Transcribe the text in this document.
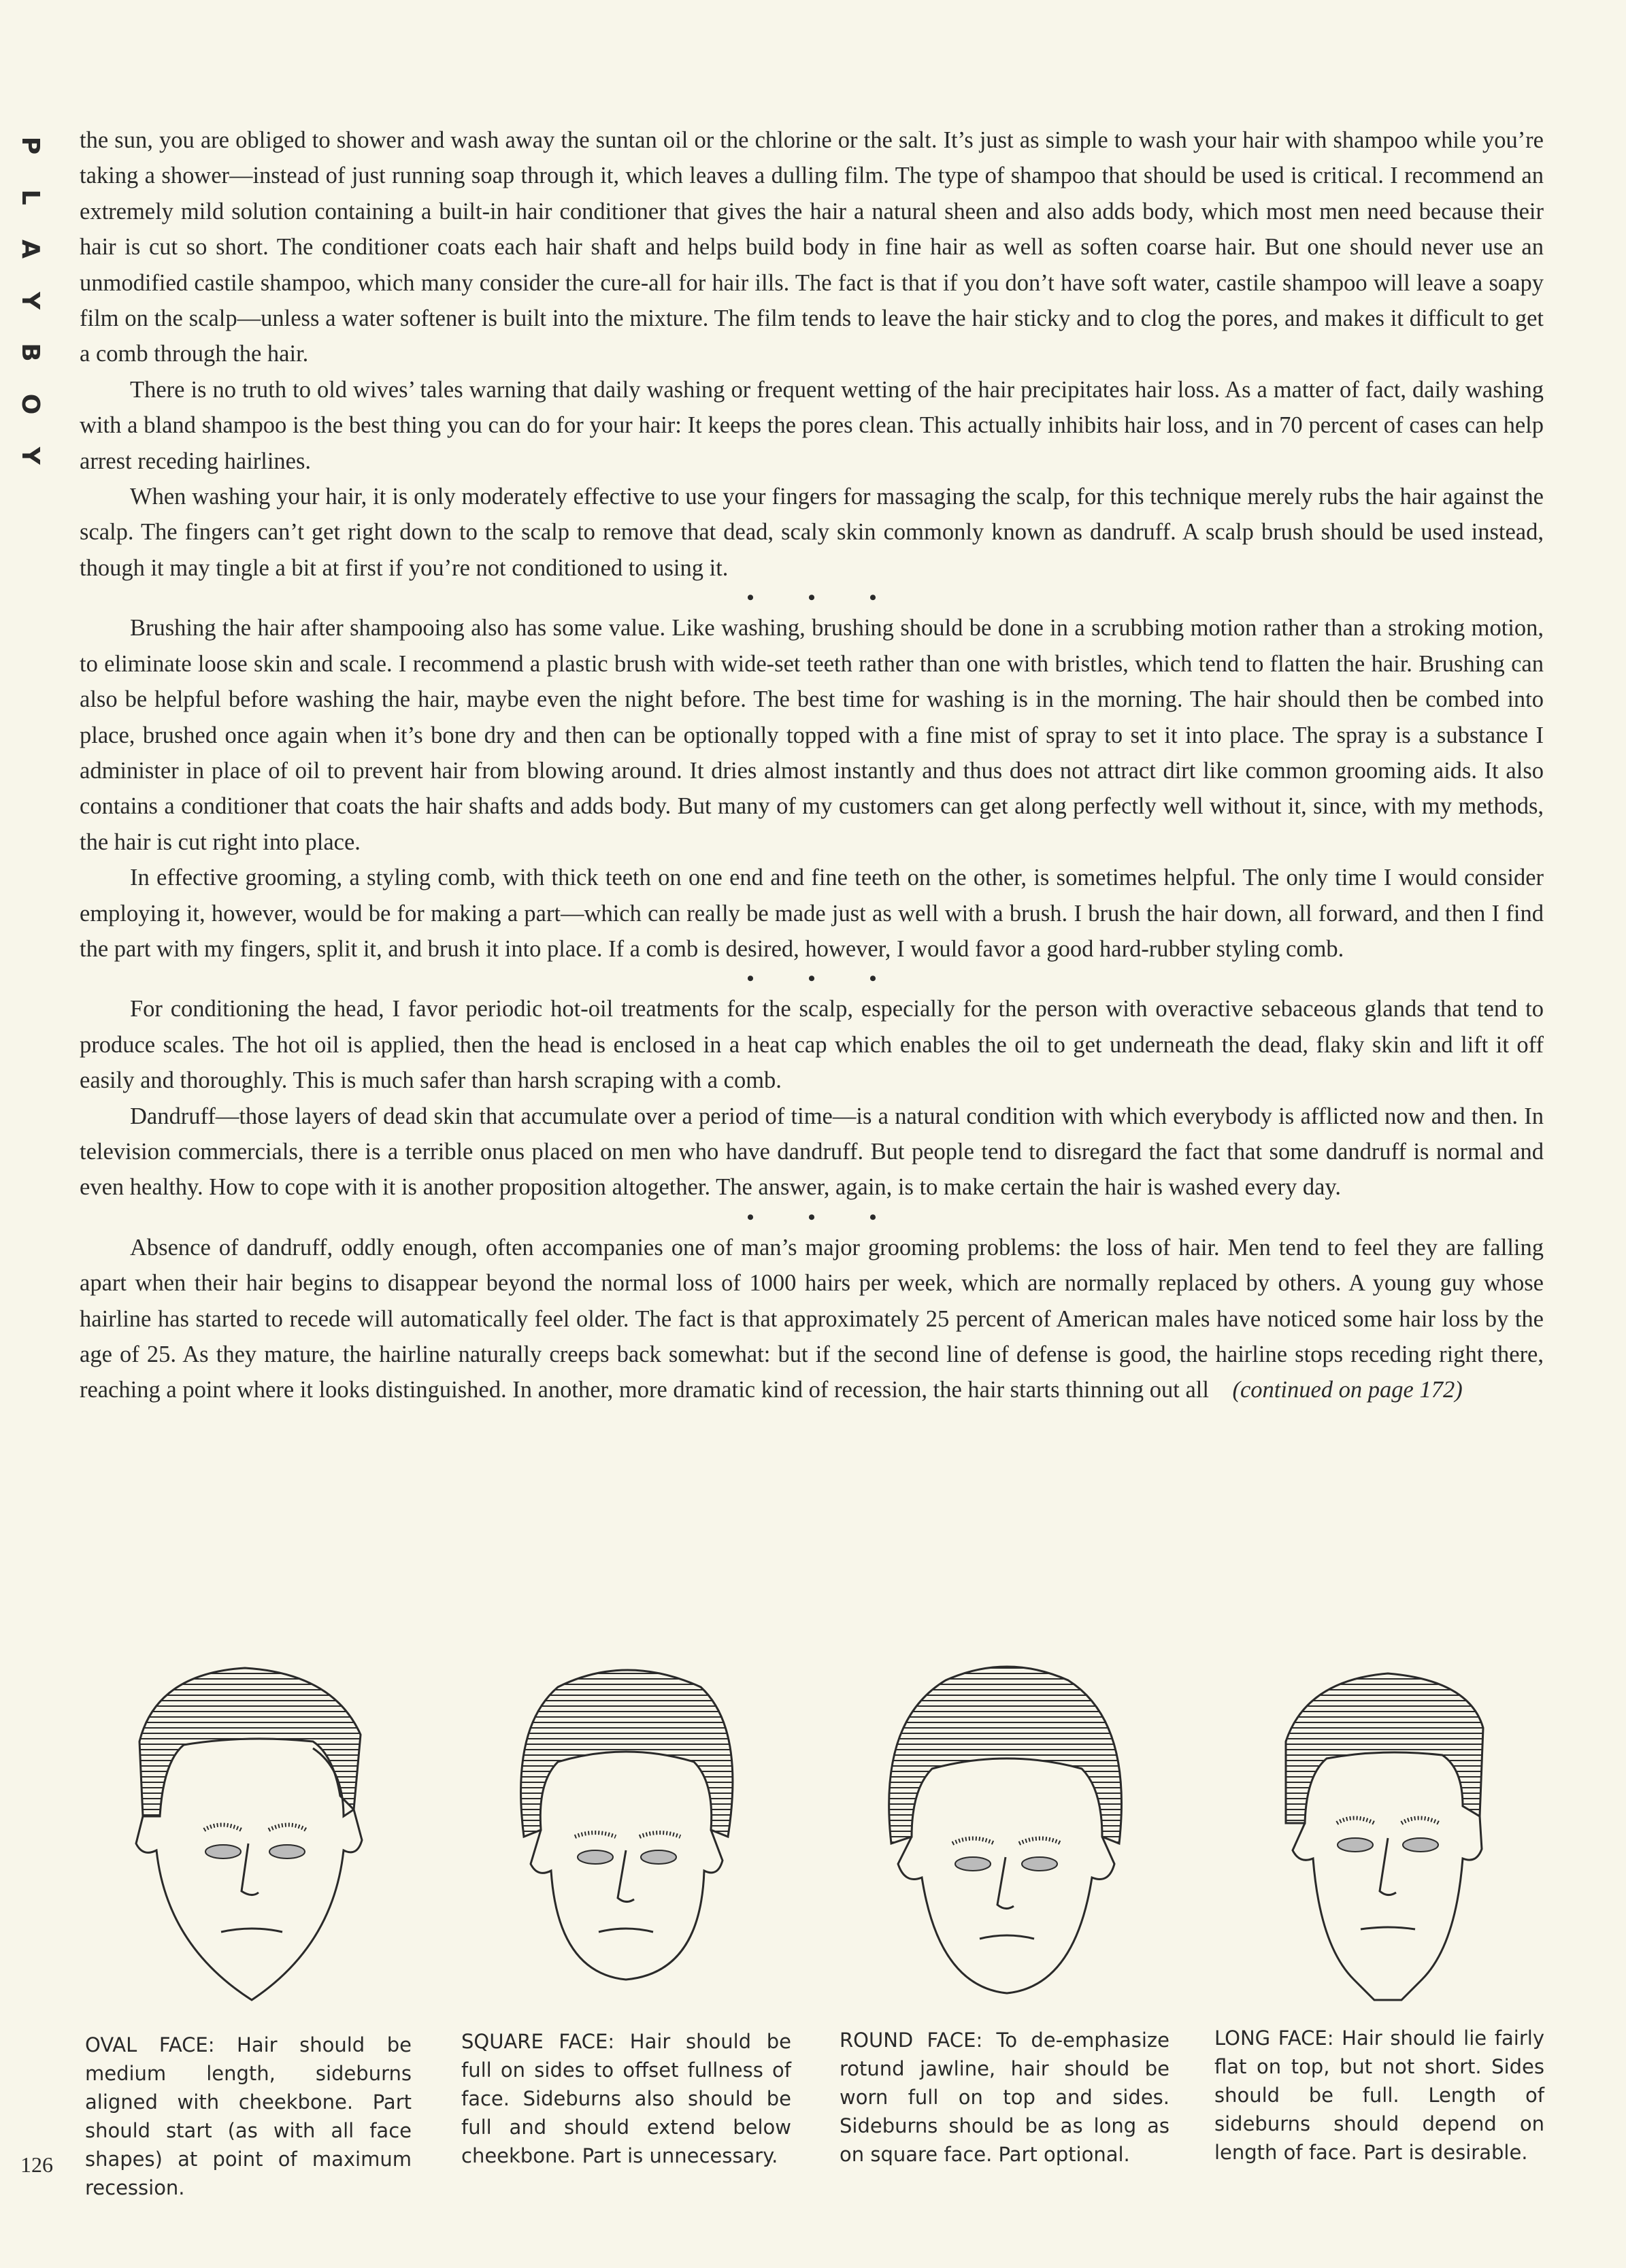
P
L
A
Y
B
O
Y

the sun, you are obliged to shower and wash away the suntan oil or the chlorine or the salt. It’s just as simple to wash your hair with shampoo while you’re taking a shower—instead of just running soap through it, which leaves a dulling film. The type of shampoo that should be used is critical. I recommend an extremely mild solution containing a built-in hair conditioner that gives the hair a natural sheen and also adds body, which most men need because their hair is cut so short. The conditioner coats each hair shaft and helps build body in fine hair as well as soften coarse hair. But one should never use an unmodified castile shampoo, which many consider the cure-all for hair ills. The fact is that if you don’t have soft water, castile shampoo will leave a soapy film on the scalp—unless a water softener is built into the mixture. The film tends to leave the hair sticky and to clog the pores, and makes it difficult to get a comb through the hair.

There is no truth to old wives’ tales warning that daily washing or frequent wetting of the hair precipitates hair loss. As a matter of fact, daily washing with a bland shampoo is the best thing you can do for your hair: It keeps the pores clean. This actually inhibits hair loss, and in 70 percent of cases can help arrest receding hairlines.

When washing your hair, it is only moderately effective to use your fingers for massaging the scalp, for this technique merely rubs the hair against the scalp. The fingers can’t get right down to the scalp to remove that dead, scaly skin commonly known as dandruff. A scalp brush should be used instead, though it may tingle a bit at first if you’re not conditioned to using it.

• • •

Brushing the hair after shampooing also has some value. Like washing, brushing should be done in a scrubbing motion rather than a stroking motion, to eliminate loose skin and scale. I recommend a plastic brush with wide-set teeth rather than one with bristles, which tend to flatten the hair. Brushing can also be helpful before washing the hair, maybe even the night before. The best time for washing is in the morning. The hair should then be combed into place, brushed once again when it’s bone dry and then can be optionally topped with a fine mist of spray to set it into place. The spray is a substance I administer in place of oil to prevent hair from blowing around. It dries almost instantly and thus does not attract dirt like common grooming aids. It also contains a conditioner that coats the hair shafts and adds body. But many of my customers can get along perfectly well without it, since, with my methods, the hair is cut right into place.

In effective grooming, a styling comb, with thick teeth on one end and fine teeth on the other, is sometimes helpful. The only time I would consider employing it, however, would be for making a part—which can really be made just as well with a brush. I brush the hair down, all forward, and then I find the part with my fingers, split it, and brush it into place. If a comb is desired, however, I would favor a good hard-rubber styling comb.

• • •

For conditioning the head, I favor periodic hot-oil treatments for the scalp, especially for the person with overactive sebaceous glands that tend to produce scales. The hot oil is applied, then the head is enclosed in a heat cap which enables the oil to get underneath the dead, flaky skin and lift it off easily and thoroughly. This is much safer than harsh scraping with a comb.

Dandruff—those layers of dead skin that accumulate over a period of time—is a natural condition with which everybody is afflicted now and then. In television commercials, there is a terrible onus placed on men who have dandruff. But people tend to disregard the fact that some dandruff is normal and even healthy. How to cope with it is another proposition altogether. The answer, again, is to make certain the hair is washed every day.

• • •

Absence of dandruff, oddly enough, often accompanies one of man’s major grooming problems: the loss of hair. Men tend to feel they are falling apart when their hair begins to disappear beyond the normal loss of 1000 hairs per week, which are normally replaced by others. A young guy whose hairline has started to recede will automatically feel older. The fact is that approximately 25 percent of American males have noticed some hair loss by the age of 25. As they mature, the hairline naturally creeps back somewhat: but if the second line of defense is good, the hairline stops receding right there, reaching a point where it looks distinguished. In another, more dramatic kind of recession, the hair starts thinning out all (continued on page 172)

OVAL FACE: Hair should be medium length, sideburns aligned with cheekbone. Part should start (as with all face shapes) at point of maximum recession.
SQUARE FACE: Hair should be full on sides to offset fullness of face. Sideburns also should be full and should extend below cheekbone. Part is unnecessary.
ROUND FACE: To de-emphasize rotund jawline, hair should be worn full on top and sides. Sideburns should be as long as on square face. Part optional.
LONG FACE: Hair should lie fairly flat on top, but not short. Sides should be full. Length of sideburns should depend on length of face. Part is desirable.
126
